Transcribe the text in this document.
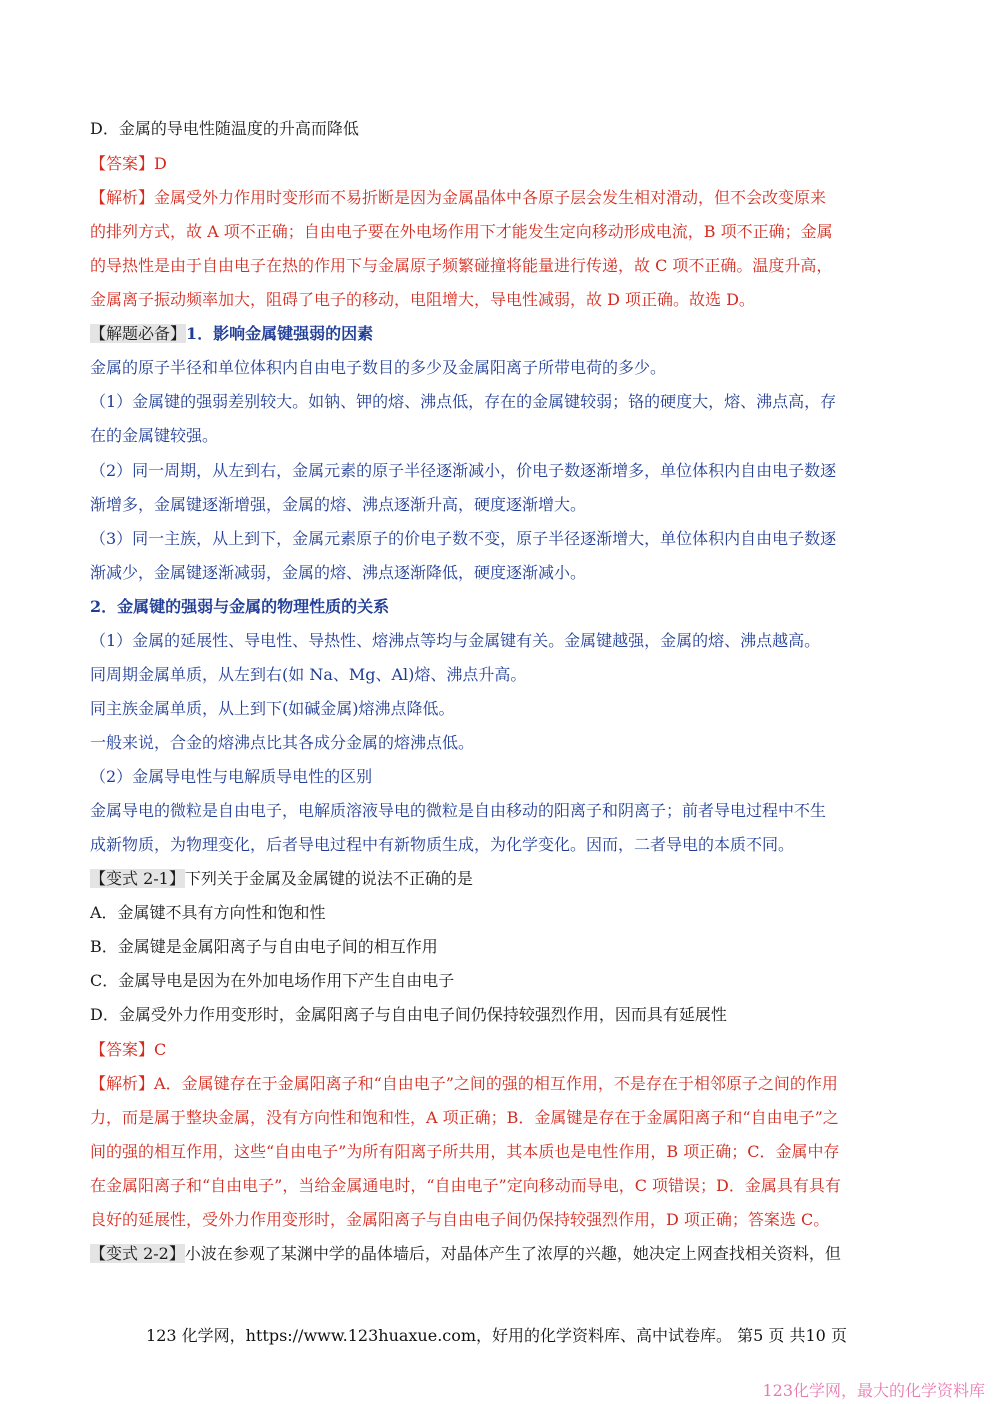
D．金属的导电性随温度的升高而降低
【答案】D
【解析】金属受外力作用时变形而不易折断是因为金属晶体中各原子层会发生相对滑动，但不会改变原来
的排列方式，故 A 项不正确；自由电子要在外电场作用下才能发生定向移动形成电流，B 项不正确；金属
的导热性是由于自由电子在热的作用下与金属原子频繁碰撞将能量进行传递，故 C 项不正确。温度升高，
金属离子振动频率加大，阻碍了电子的移动，电阻增大，导电性减弱，故 D 项正确。故选 D。
【解题必备】1．影响金属键强弱的因素
金属的原子半径和单位体积内自由电子数目的多少及金属阳离子所带电荷的多少。
（1）金属键的强弱差别较大。如钠、钾的熔、沸点低，存在的金属键较弱；铬的硬度大，熔、沸点高，存
在的金属键较强。
（2）同一周期，从左到右，金属元素的原子半径逐渐减小，价电子数逐渐增多，单位体积内自由电子数逐
渐增多，金属键逐渐增强，金属的熔、沸点逐渐升高，硬度逐渐增大。
（3）同一主族，从上到下，金属元素原子的价电子数不变，原子半径逐渐增大，单位体积内自由电子数逐
渐减少，金属键逐渐减弱，金属的熔、沸点逐渐降低，硬度逐渐减小。
2．金属键的强弱与金属的物理性质的关系
（1）金属的延展性、导电性、导热性、熔沸点等均与金属键有关。金属键越强，金属的熔、沸点越高。
同周期金属单质，从左到右(如 Na、Mg、Al)熔、沸点升高。
同主族金属单质，从上到下(如碱金属)熔沸点降低。
一般来说，合金的熔沸点比其各成分金属的熔沸点低。
（2）金属导电性与电解质导电性的区别
金属导电的微粒是自由电子，电解质溶液导电的微粒是自由移动的阳离子和阴离子；前者导电过程中不生
成新物质，为物理变化，后者导电过程中有新物质生成，为化学变化。因而，二者导电的本质不同。
【变式 2-1】下列关于金属及金属键的说法不正确的是
A．金属键不具有方向性和饱和性
B．金属键是金属阳离子与自由电子间的相互作用
C．金属导电是因为在外加电场作用下产生自由电子
D．金属受外力作用变形时，金属阳离子与自由电子间仍保持较强烈作用，因而具有延展性
【答案】C
【解析】A．金属键存在于金属阳离子和“自由电子”之间的强的相互作用，不是存在于相邻原子之间的作用
力，而是属于整块金属，没有方向性和饱和性，A 项正确；B．金属键是存在于金属阳离子和“自由电子”之
间的强的相互作用，这些“自由电子”为所有阳离子所共用，其本质也是电性作用，B 项正确；C．金属中存
在金属阳离子和“自由电子”，当给金属通电时，“自由电子”定向移动而导电，C 项错误；D．金属具有具有
良好的延展性，受外力作用变形时，金属阳离子与自由电子间仍保持较强烈作用，D 项正确；答案选 C。
【变式 2-2】小波在参观了某渊中学的晶体墙后，对晶体产生了浓厚的兴趣，她决定上网查找相关资料，但
123 化学网，https://www.123huaxue.com，好用的化学资料库、高中试卷库。 第5 页 共10 页
123化学网，最大的化学资料库
